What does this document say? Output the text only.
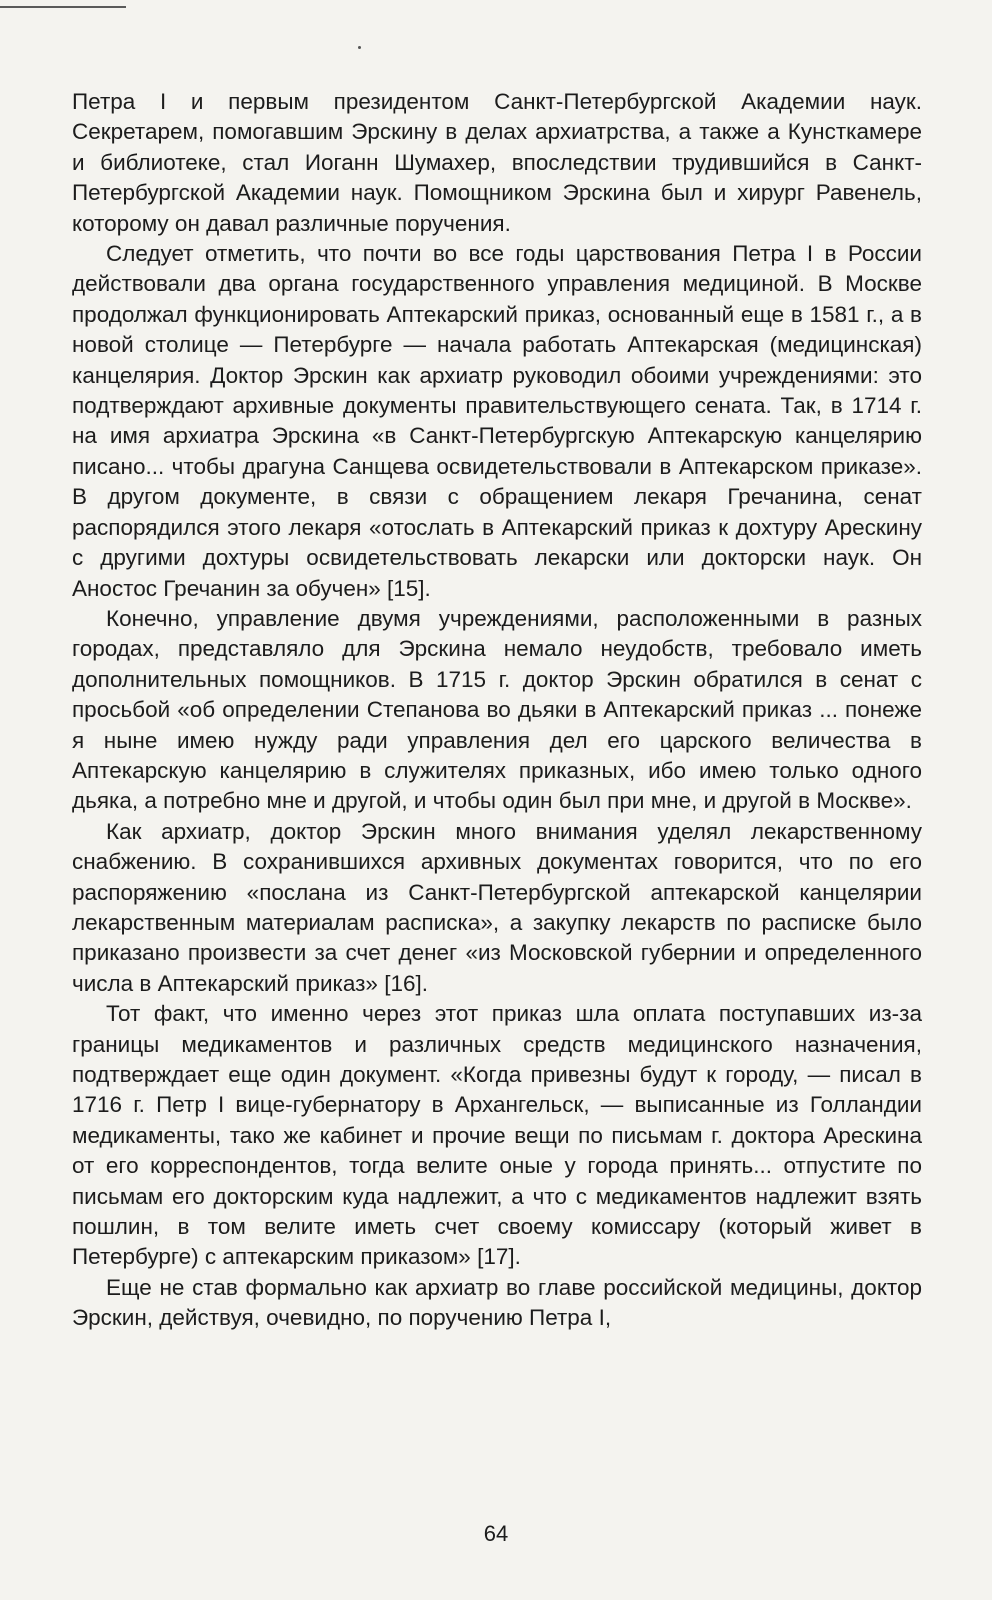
Петра I и первым президентом Санкт-Петербургской Академии наук. Секретарем, помогавшим Эрскину в делах архиатрства, а также а Кунсткамере и библиотеке, стал Иоганн Шумахер, впоследствии трудившийся в Санкт-Петербургской Академии наук. Помощником Эрскина был и хирург Равенель, которому он давал различные поручения.

Следует отметить, что почти во все годы царствования Петра I в России действовали два органа государственного управления медициной. В Москве продолжал функционировать Аптекарский приказ, основанный еще в 1581 г., а в новой столице — Петербурге — начала работать Аптекарская (медицинская) канцелярия. Доктор Эрскин как архиатр руководил обоими учреждениями: это подтверждают архивные документы правительствующего сената. Так, в 1714 г. на имя архиатра Эрскина «в Санкт-Петербургскую Аптекарскую канцелярию писано... чтобы драгуна Санщева освидетельствовали в Аптекарском приказе». В другом документе, в связи с обращением лекаря Гречанина, сенат распорядился этого лекаря «отослать в Аптекарский приказ к дохтуру Арескину с другими дохтуры освидетельствовать лекарски или докторски наук. Он Аностос Гречанин за обучен» [15].

Конечно, управление двумя учреждениями, расположенными в разных городах, представляло для Эрскина немало неудобств, требовало иметь дополнительных помощников. В 1715 г. доктор Эрскин обратился в сенат с просьбой «об определении Степанова во дьяки в Аптекарский приказ ... понеже я ныне имею нужду ради управления дел его царского величества в Аптекарскую канцелярию в служителях приказных, ибо имею только одного дьяка, а потребно мне и другой, и чтобы один был при мне, и другой в Москве».

Как архиатр, доктор Эрскин много внимания уделял лекарственному снабжению. В сохранившихся архивных документах говорится, что по его распоряжению «послана из Санкт-Петербургской аптекарской канцелярии лекарственным материалам расписка», а закупку лекарств по расписке было приказано произвести за счет денег «из Московской губернии и определенного числа в Аптекарский приказ» [16].

Тот факт, что именно через этот приказ шла оплата поступавших из-за границы медикаментов и различных средств медицинского назначения, подтверждает еще один документ. «Когда привезны будут к городу, — писал в 1716 г. Петр I вице-губернатору в Архангельск, — выписанные из Голландии медикаменты, тако же кабинет и прочие вещи по письмам г. доктора Арескина от его корреспондентов, тогда велите оные у города принять... отпустите по письмам его докторским куда надлежит, а что с медикаментов надлежит взять пошлин, в том велите иметь счет своему комиссару (который живет в Петербурге) с аптекарским приказом» [17].

Еще не став формально как архиатр во главе российской медицины, доктор Эрскин, действуя, очевидно, по поручению Петра I,

64
